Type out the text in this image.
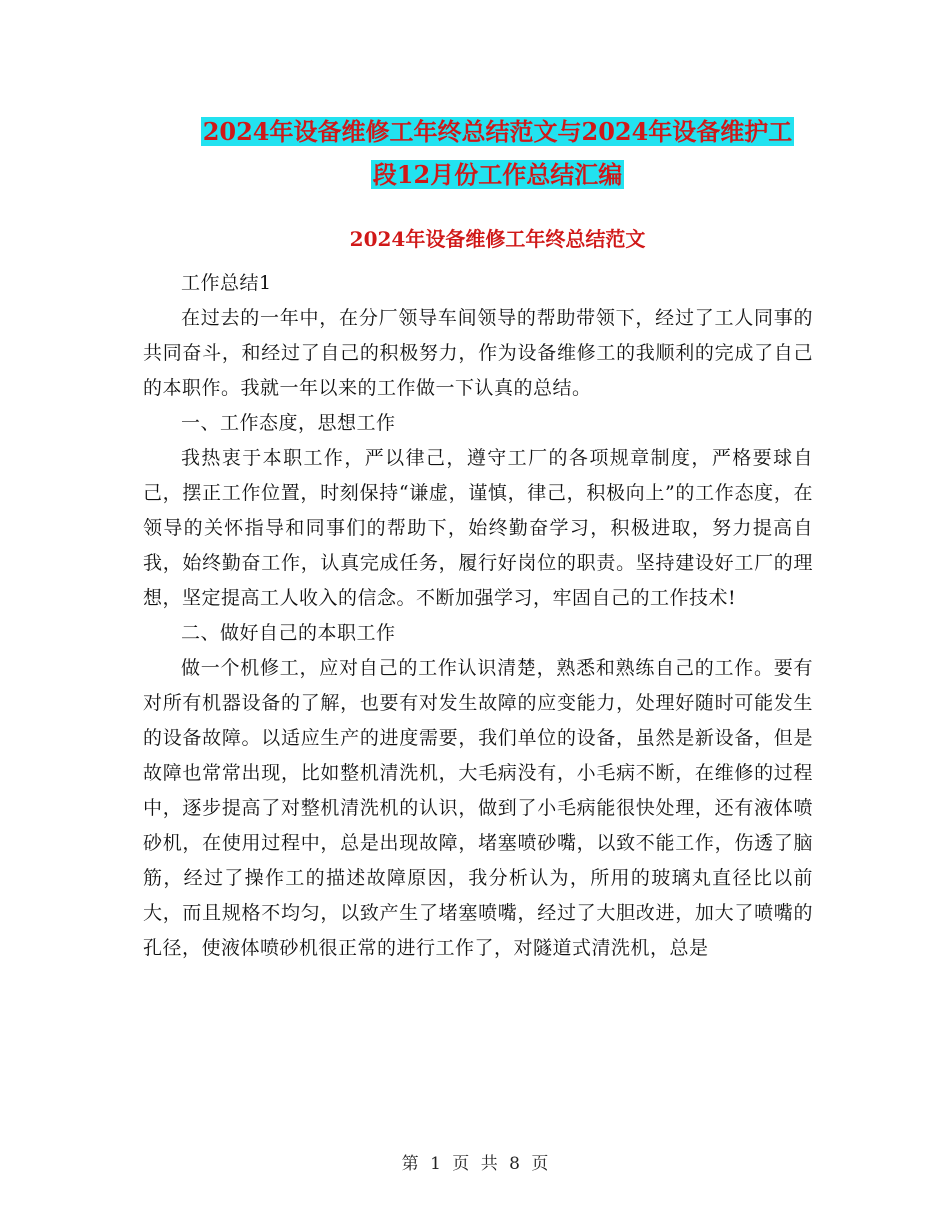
2024年设备维修工年终总结范文与2024年设备维护工
段12月份工作总结汇编
2024年设备维修工年终总结范文

工作总结1

在过去的一年中，在分厂领导车间领导的帮助带领下，经过了工人同事的共同奋斗，和经过了自己的积极努力，作为设备维修工的我顺利的完成了自己的本职作。我就一年以来的工作做一下认真的总结。

一、工作态度，思想工作

我热衷于本职工作，严以律己，遵守工厂的各项规章制度，严格要球自己，摆正工作位置，时刻保持“谦虚，谨慎，律己，积极向上”的工作态度，在领导的关怀指导和同事们的帮助下，始终勤奋学习，积极进取，努力提高自我，始终勤奋工作，认真完成任务，履行好岗位的职责。坚持建设好工厂的理想，坚定提高工人收入的信念。不断加强学习，牢固自己的工作技术!

二、做好自己的本职工作

做一个机修工，应对自己的工作认识清楚，熟悉和熟练自己的工作。要有对所有机器设备的了解，也要有对发生故障的应变能力，处理好随时可能发生的设备故障。以适应生产的进度需要，我们单位的设备，虽然是新设备，但是故障也常常出现，比如整机清洗机，大毛病没有，小毛病不断，在维修的过程中，逐步提高了对整机清洗机的认识，做到了小毛病能很快处理，还有液体喷砂机，在使用过程中，总是出现故障，堵塞喷砂嘴，以致不能工作，伤透了脑筋，经过了操作工的描述故障原因，我分析认为，所用的玻璃丸直径比以前大，而且规格不均匀，以致产生了堵塞喷嘴，经过了大胆改进，加大了喷嘴的孔径，使液体喷砂机很正常的进行工作了，对隧道式清洗机，总是

第 1 页 共 8 页
